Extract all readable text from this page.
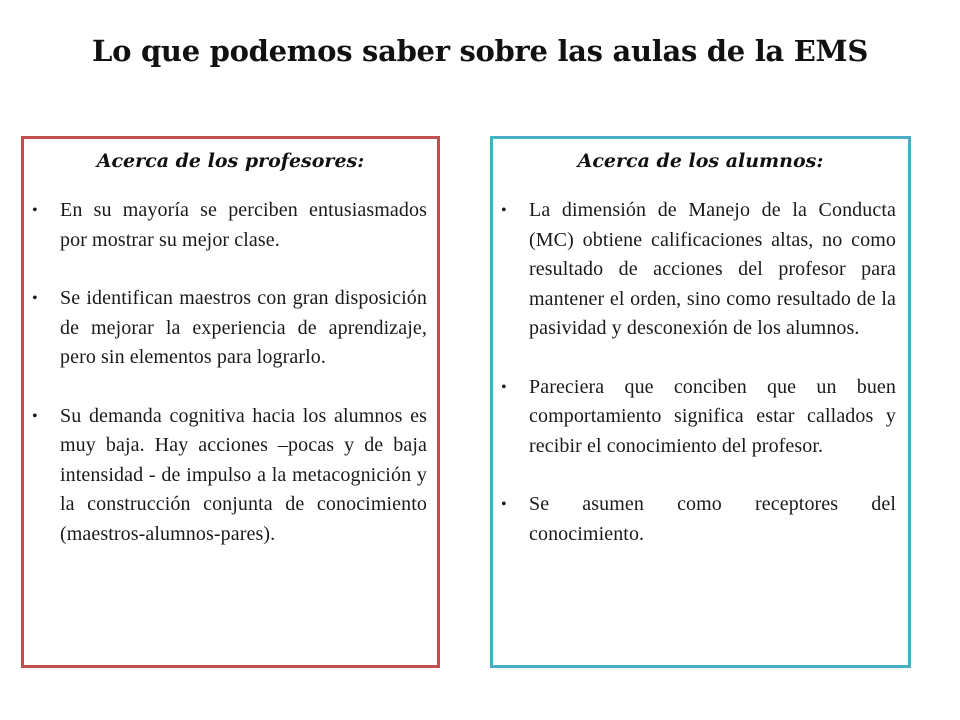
Lo que podemos saber sobre las aulas de la EMS
Acerca de los profesores:
• En su mayoría se perciben entusiasmados por mostrar su mejor clase.
• Se identifican maestros con gran disposición de mejorar la experiencia de aprendizaje, pero sin elementos para lograrlo.
• Su demanda cognitiva hacia los alumnos es muy baja. Hay acciones –pocas y de baja intensidad - de impulso a la metacognición y la construcción conjunta de conocimiento (maestros-alumnos-pares).
Acerca de los alumnos:
• La dimensión de Manejo de la Conducta (MC) obtiene calificaciones altas, no como resultado de acciones del profesor para mantener el orden, sino como resultado de la pasividad y desconexión de los alumnos.
• Pareciera que conciben que un buen comportamiento significa estar callados y recibir el conocimiento del profesor.
• Se asumen como receptores del conocimiento.
